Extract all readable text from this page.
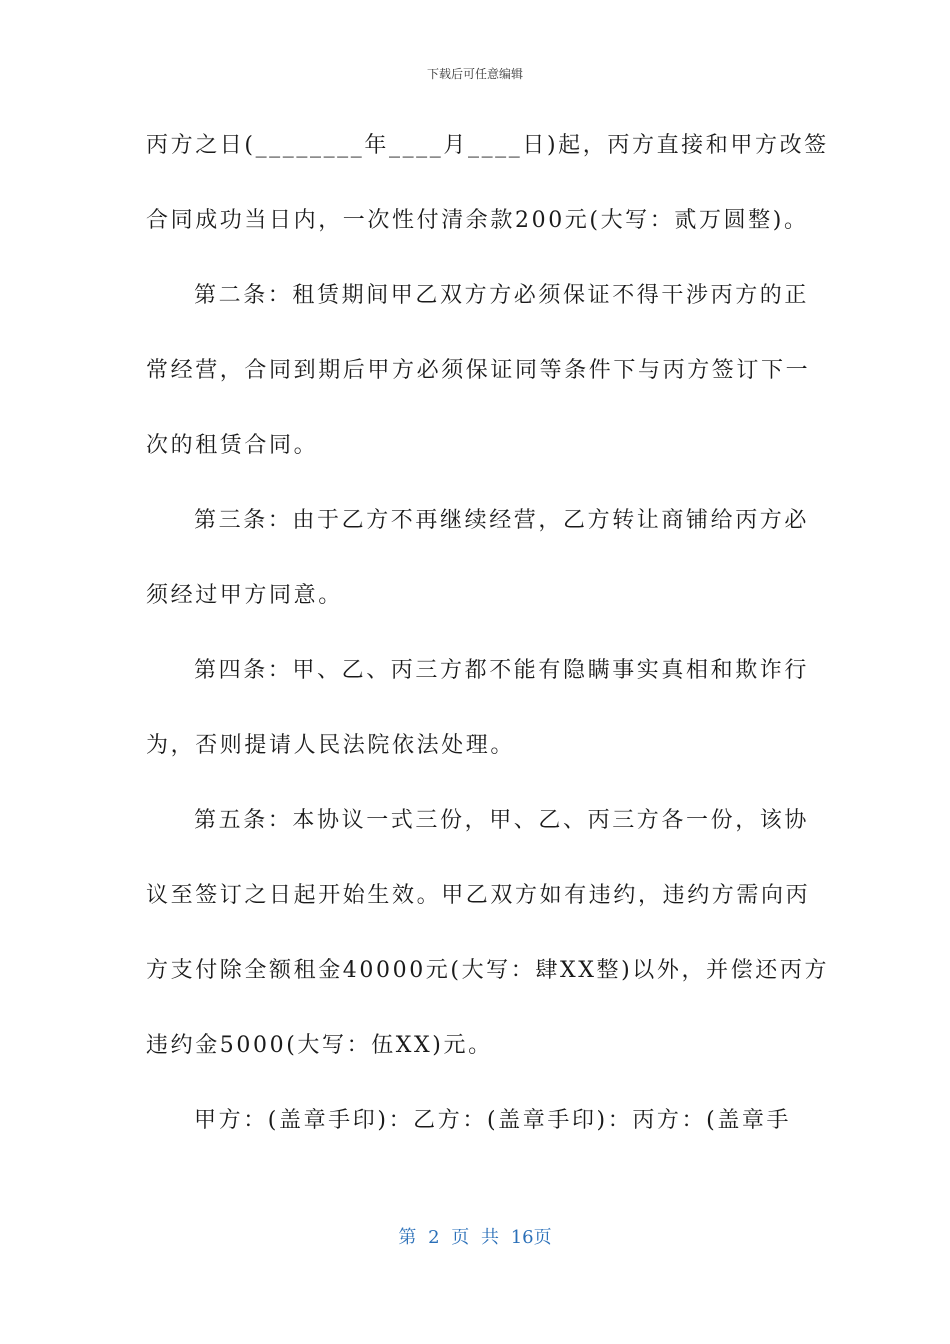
下载后可任意编辑
丙方之日(________年____月____日)起，丙方直接和甲方改签
合同成功当日内，一次性付清余款200元(大写：贰万圆整)。
第二条：租赁期间甲乙双方方必须保证不得干涉丙方的正
常经营，合同到期后甲方必须保证同等条件下与丙方签订下一
次的租赁合同。
第三条：由于乙方不再继续经营，乙方转让商铺给丙方必
须经过甲方同意。
第四条：甲、乙、丙三方都不能有隐瞒事实真相和欺诈行
为，否则提请人民法院依法处理。
第五条：本协议一式三份，甲、乙、丙三方各一份，该协
议至签订之日起开始生效。甲乙双方如有违约，违约方需向丙
方支付除全额租金40000元(大写：肆XX整)以外，并偿还丙方
违约金5000(大写：伍XX)元。
甲方：(盖章手印)：乙方：(盖章手印)：丙方：(盖章手
第 2 页 共 16页
